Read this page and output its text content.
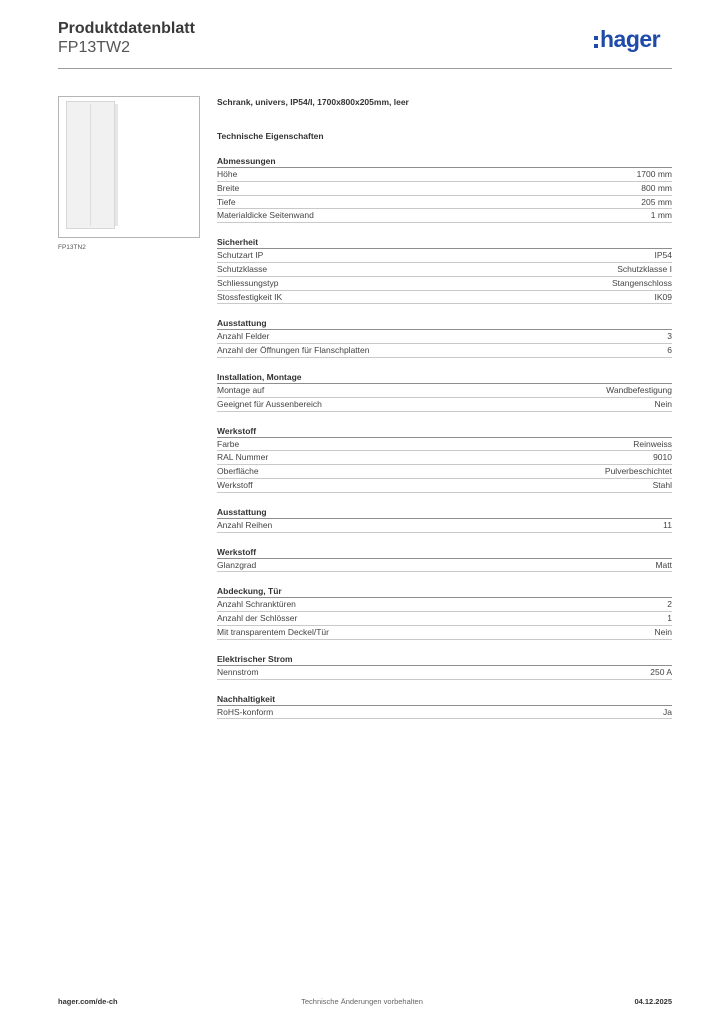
Produktdatenblatt
FP13TW2	hager
FP13TN2
Schrank, univers, IP54/I, 1700x800x205mm, leer
Technische Eigenschaften
Abmessungen
Höhe	1700 mm
Breite	800 mm
Tiefe	205 mm
Materialdicke Seitenwand	1 mm
Sicherheit
Schutzart IP	IP54
Schutzklasse	Schutzklasse I
Schliessungstyp	Stangenschloss
Stossfestigkeit IK	IK09
Ausstattung
Anzahl Felder	3
Anzahl der Öffnungen für Flanschplatten	6
Installation, Montage
Montage auf	Wandbefestigung
Geeignet für Aussenbereich	Nein
Werkstoff
Farbe	Reinweiss
RAL Nummer	9010
Oberfläche	Pulverbeschichtet
Werkstoff	Stahl
Ausstattung
Anzahl Reihen	11
Werkstoff
Glanzgrad	Matt
Abdeckung, Tür
Anzahl Schranktüren	2
Anzahl der Schlösser	1
Mit transparentem Deckel/Tür	Nein
Elektrischer Strom
Nennstrom	250 A
Nachhaltigkeit
RoHS-konform	Ja
hager.com/de-ch	Technische Änderungen vorbehalten	04.12.2025
